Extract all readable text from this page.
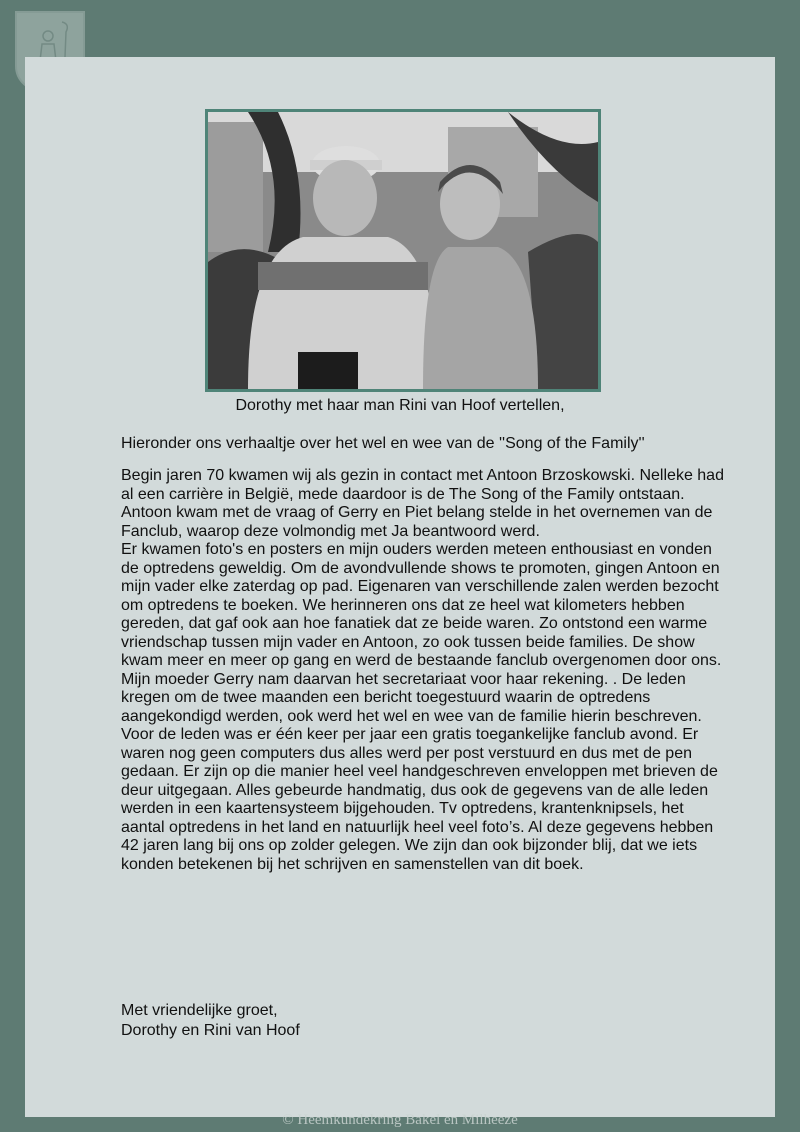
Dorothy met haar man Rini van Hoof vertellen,
Hieronder ons verhaaltje over het wel en wee van de ''Song of the Family''

Begin jaren 70 kwamen wij als gezin in contact met Antoon Brzoskowski. Nelleke had al een carrière in België, mede daardoor is de The Song of the Family ontstaan. Antoon kwam met de vraag of Gerry en Piet belang stelde in het overnemen van de Fanclub, waarop deze volmondig met Ja beantwoord werd.
Er kwamen foto's en posters en mijn ouders werden meteen enthousiast en vonden de optredens geweldig. Om de avondvullende shows te promoten, gingen Antoon en mijn vader elke zaterdag op pad. Eigenaren van verschillende zalen werden bezocht om optredens te boeken. We herinneren ons dat ze heel wat kilometers hebben gereden, dat gaf ook aan hoe fanatiek dat ze beide waren. Zo ontstond een warme vriendschap tussen mijn vader en Antoon, zo ook tussen beide families. De show kwam meer en meer op gang en werd de bestaande fanclub overgenomen door ons. Mijn moeder Gerry nam daarvan het secretariaat voor haar rekening. . De leden kregen om de twee maanden een bericht toegestuurd waarin de optredens aangekondigd werden, ook werd het wel en wee van de familie hierin beschreven. Voor de leden was er één keer per jaar een gratis toegankelijke fanclub avond. Er waren nog geen computers dus alles werd per post verstuurd en dus met de pen gedaan. Er zijn op die manier heel veel handgeschreven enveloppen met brieven de deur uitgegaan. Alles gebeurde handmatig, dus ook de gegevens van de alle leden werden in een kaartensysteem bijgehouden. Tv optredens, krantenknipsels, het aantal optredens in het land en natuurlijk heel veel foto’s. Al deze gegevens hebben 42 jaren lang bij ons op zolder gelegen. We zijn dan ook bijzonder blij, dat we iets konden betekenen bij het schrijven en samenstellen van dit boek.

Met vriendelijke groet,
Dorothy en Rini van Hoof
© Heemkundekring Bakel en Milheeze
